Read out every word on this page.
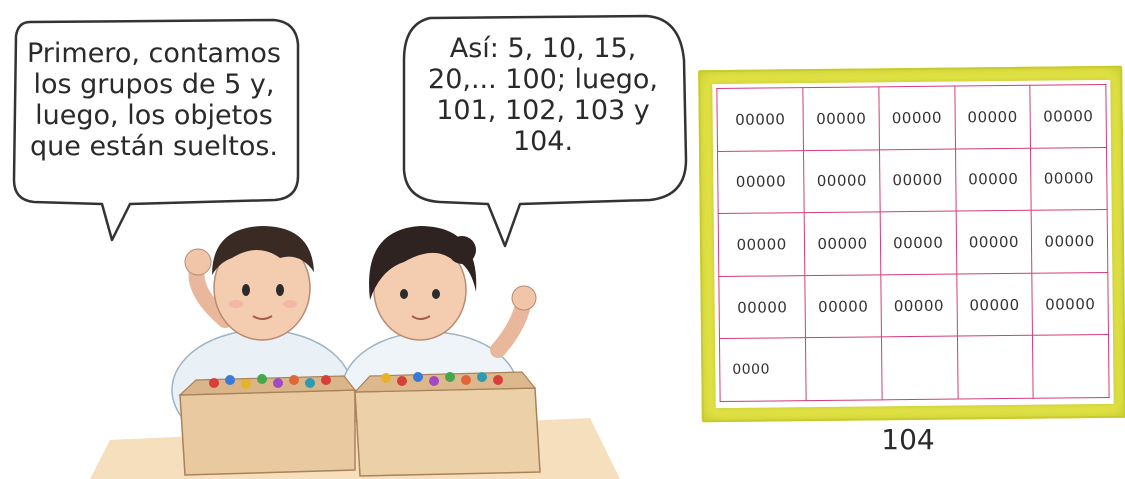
Primero, contamos
los grupos de 5 y,
luego, los objetos
que están sueltos.
Así: 5, 10, 15,
20,... 100; luego,
101, 102, 103 y
104.
00000	00000	00000	00000	00000
00000	00000	00000	00000	00000
00000	00000	00000	00000	00000
00000	00000	00000	00000	00000
0000				
104
